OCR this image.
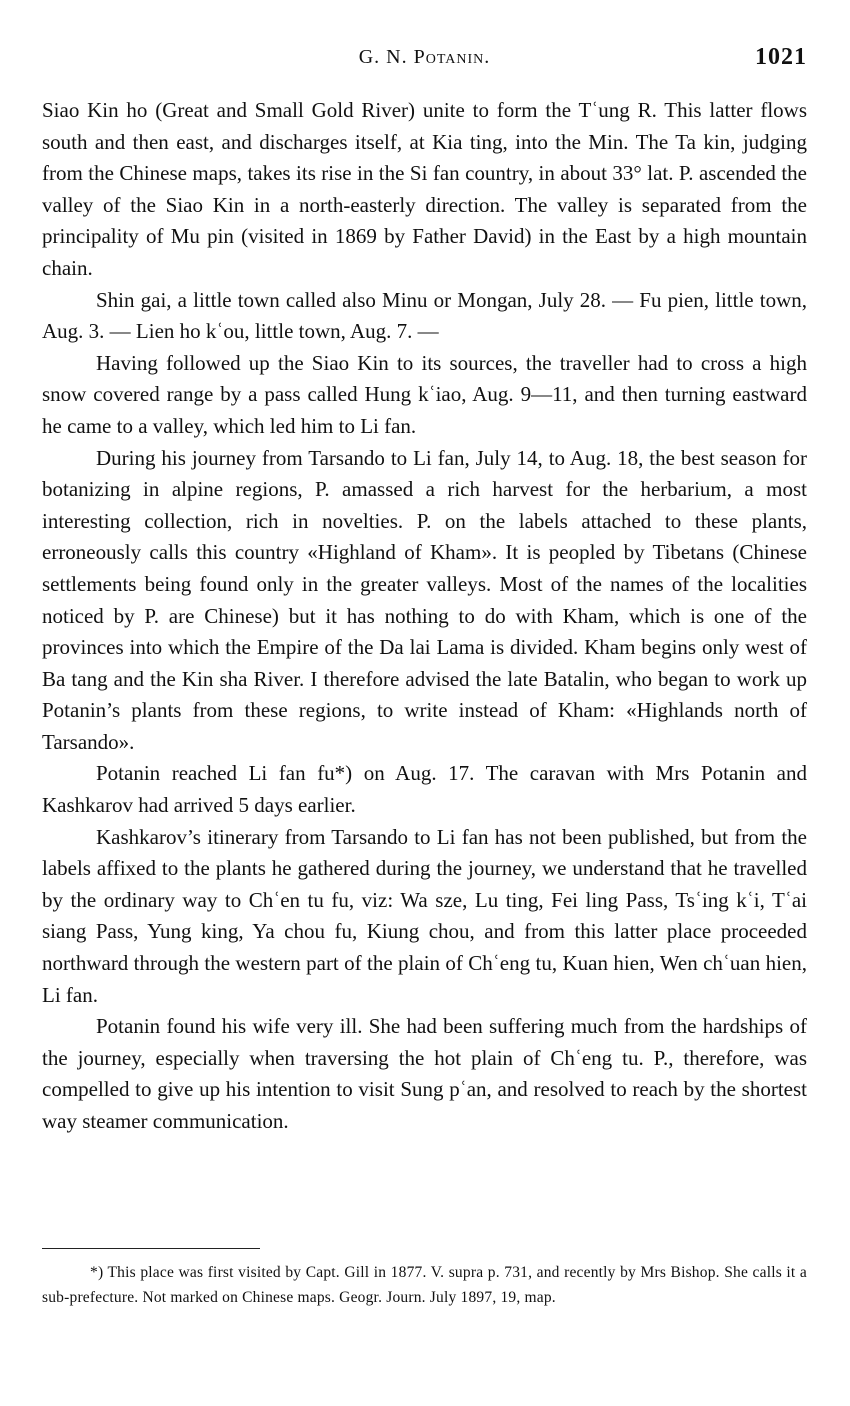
G. N. Potanin.	1021

Siao Kin ho (Great and Small Gold River) unite to form the Tʿung R. This latter flows south and then east, and discharges itself, at Kia ting, into the Min. The Ta kin, judging from the Chinese maps, takes its rise in the Si fan country, in about 33° lat. P. ascended the valley of the Siao Kin in a north-easterly direction. The valley is separated from the principality of Mu pin (visited in 1869 by Father David) in the East by a high mountain chain.

Shin gai, a little town called also Minu or Mongan, July 28. — Fu pien, little town, Aug. 3. — Lien ho kʿou, little town, Aug. 7. —

Having followed up the Siao Kin to its sources, the traveller had to cross a high snow covered range by a pass called Hung kʿiao, Aug. 9—11, and then turning eastward he came to a valley, which led him to Li fan.

During his journey from Tarsando to Li fan, July 14, to Aug. 18, the best season for botanizing in alpine regions, P. amassed a rich harvest for the herbarium, a most interesting collection, rich in novelties. P. on the labels attached to these plants, erroneously calls this country «Highland of Kham». It is peopled by Tibetans (Chinese settlements being found only in the greater valleys. Most of the names of the localities noticed by P. are Chinese) but it has nothing to do with Kham, which is one of the provinces into which the Empire of the Da lai Lama is divided. Kham begins only west of Ba tang and the Kin sha River. I therefore advised the late Batalin, who began to work up Potanin’s plants from these regions, to write instead of Kham: «Highlands north of Tarsando».

Potanin reached Li fan fu*) on Aug. 17. The caravan with Mrs Potanin and Kashkarov had arrived 5 days earlier.

Kashkarov’s itinerary from Tarsando to Li fan has not been published, but from the labels affixed to the plants he gathered during the journey, we understand that he travelled by the ordinary way to Chʿen tu fu, viz: Wa sze, Lu ting, Fei ling Pass, Tsʿing kʿi, Tʿai siang Pass, Yung king, Ya chou fu, Kiung chou, and from this latter place proceeded northward through the western part of the plain of Chʿeng tu, Kuan hien, Wen chʿuan hien, Li fan.

Potanin found his wife very ill. She had been suffering much from the hardships of the journey, especially when traversing the hot plain of Chʿeng tu. P., therefore, was compelled to give up his intention to visit Sung pʿan, and resolved to reach by the shortest way steamer communication.

*) This place was first visited by Capt. Gill in 1877. V. supra p. 731, and recently by Mrs Bishop. She calls it a sub-prefecture. Not marked on Chinese maps. Geogr. Journ. July 1897, 19, map.
